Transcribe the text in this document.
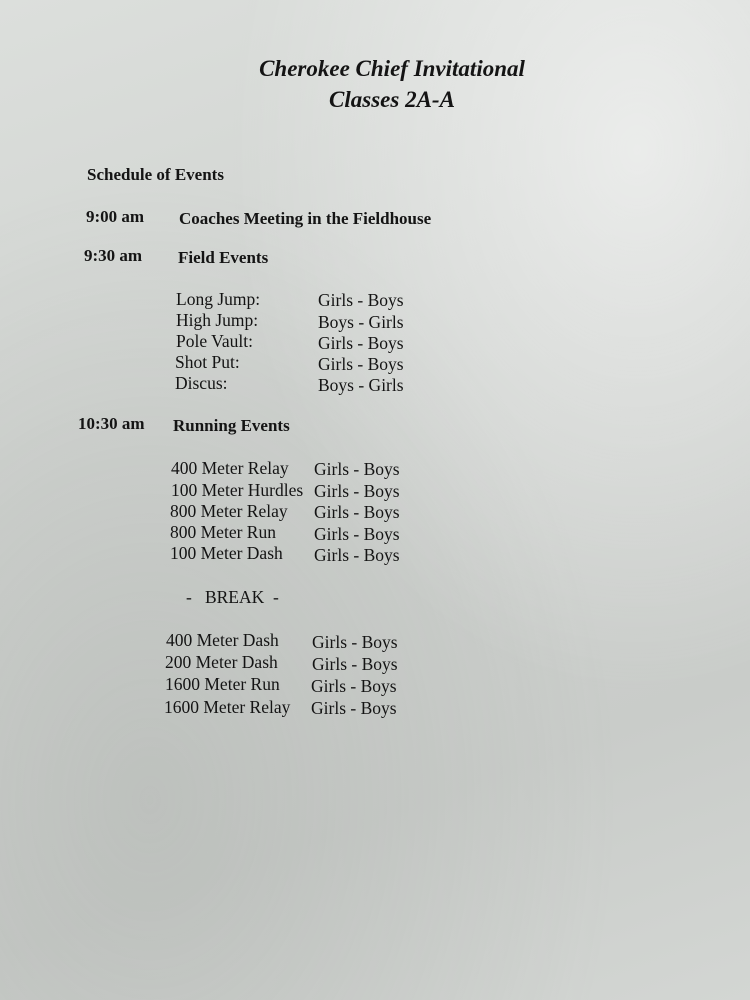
Cherokee Chief Invitational
Classes 2A-A
Schedule of Events
9:00 am Coaches Meeting in the Fieldhouse
9:30 am Field Events
Long Jump:	Girls - Boys
High Jump:	Boys - Girls
Pole Vault:	Girls - Boys
Shot Put:	Girls - Boys
Discus:	Boys - Girls
10:30 am Running Events
400 Meter Relay Girls - Boys
100 Meter Hurdles Girls - Boys
800 Meter Relay Girls - Boys
800 Meter Run Girls - Boys
100 Meter Dash Girls - Boys
-   BREAK  -
400 Meter Dash Girls - Boys
200 Meter Dash Girls - Boys
1600 Meter Run Girls - Boys
1600 Meter Relay Girls - Boys
